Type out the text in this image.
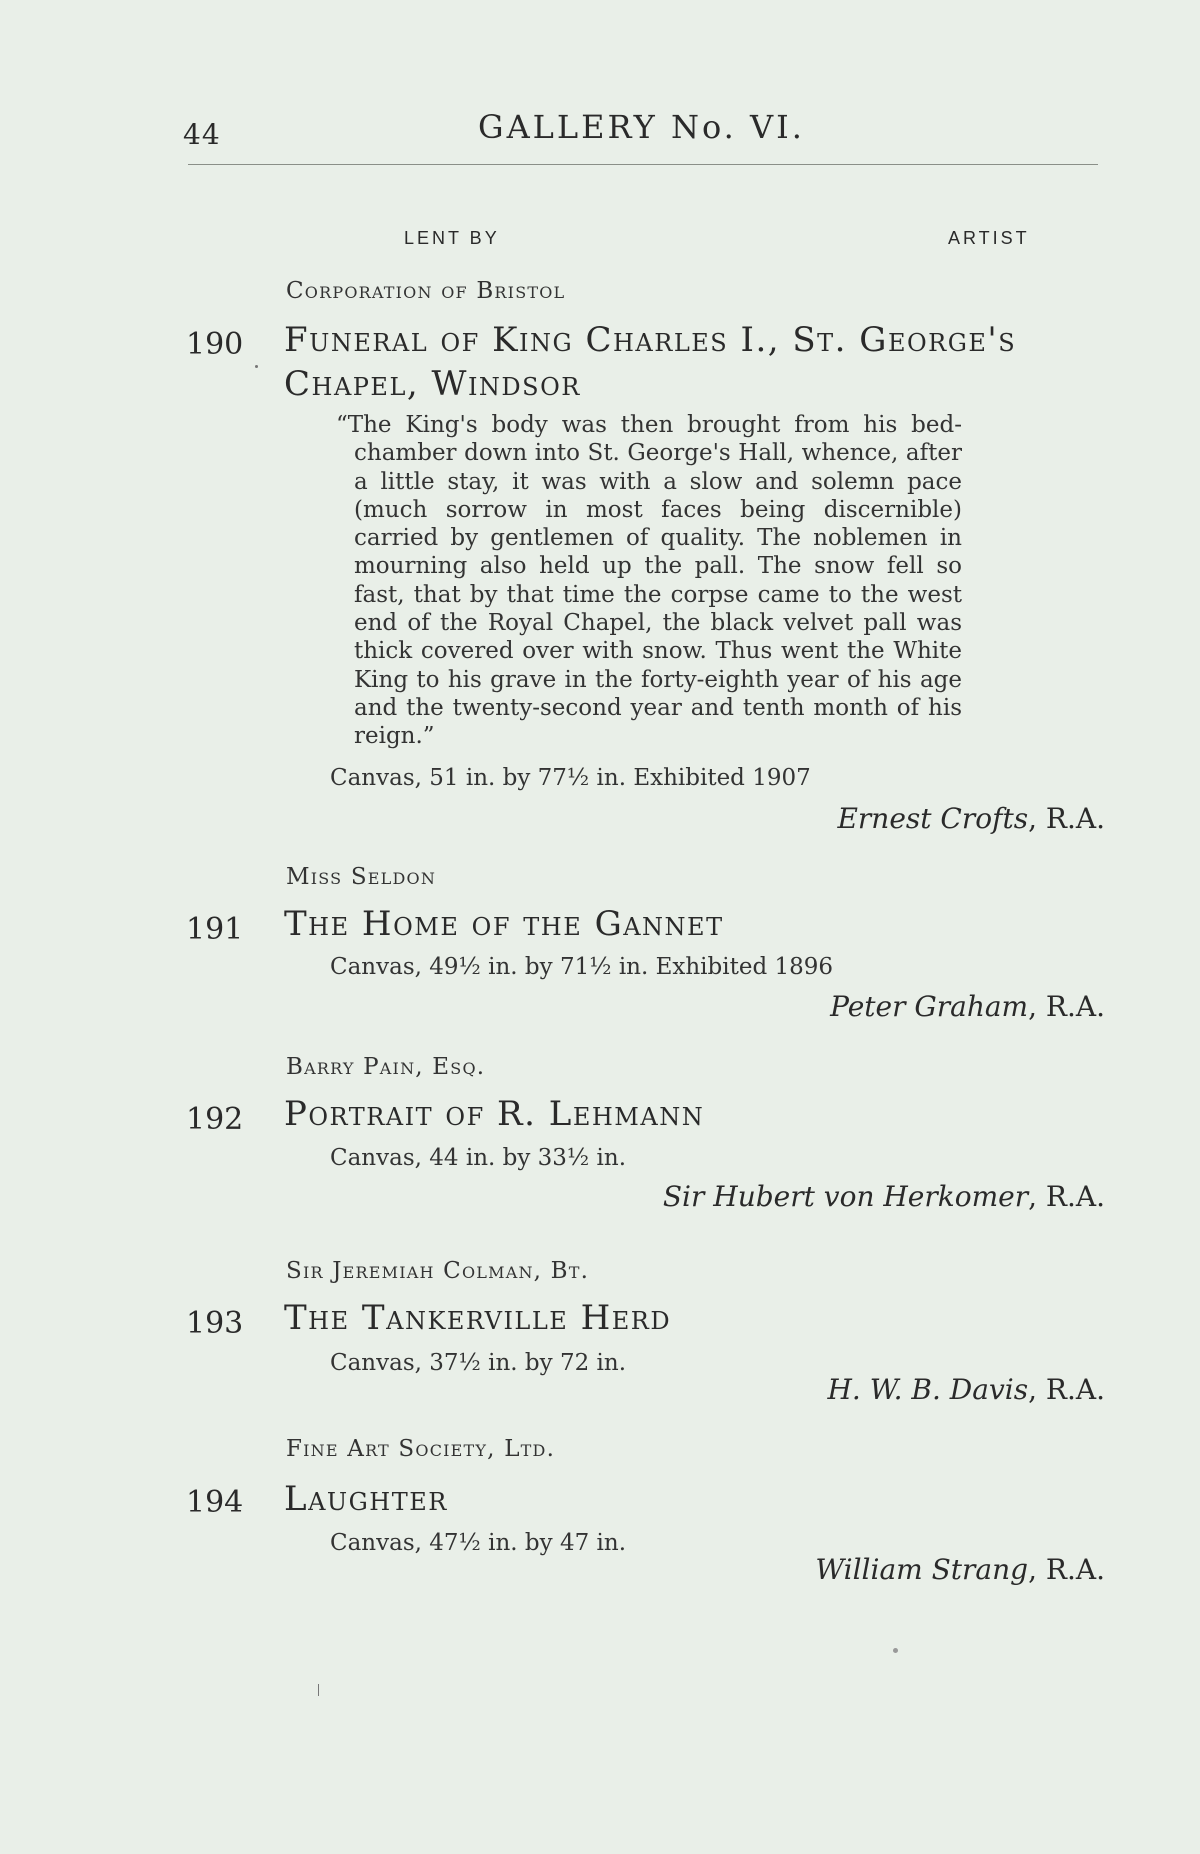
44	GALLERY No. VI.
LENT BY	ARTIST
Corporation of Bristol
190 Funeral of King Charles I., St. George's
Chapel, Windsor
“The King's body was then brought from his bed-chamber down into St. George's Hall, whence, after a little stay, it was with a slow and solemn pace (much sorrow in most faces being discernible) carried by gentlemen of quality. The noblemen in mourning also held up the pall. The snow fell so fast, that by that time the corpse came to the west end of the Royal Chapel, the black velvet pall was thick covered over with snow. Thus went the White King to his grave in the forty-eighth year of his age and the twenty-second year and tenth month of his reign.”
Canvas, 51 in. by 77½ in. Exhibited 1907
Ernest Crofts, R.A.
Miss Seldon
191 The Home of the Gannet
Canvas, 49½ in. by 71½ in. Exhibited 1896
Peter Graham, R.A.
Barry Pain, Esq.
192 Portrait of R. Lehmann
Canvas, 44 in. by 33½ in.
Sir Hubert von Herkomer, R.A.
Sir Jeremiah Colman, Bt.
193 The Tankerville Herd
Canvas, 37½ in. by 72 in.
H. W. B. Davis, R.A.
Fine Art Society, Ltd.
194 Laughter
Canvas, 47½ in. by 47 in.
William Strang, R.A.
